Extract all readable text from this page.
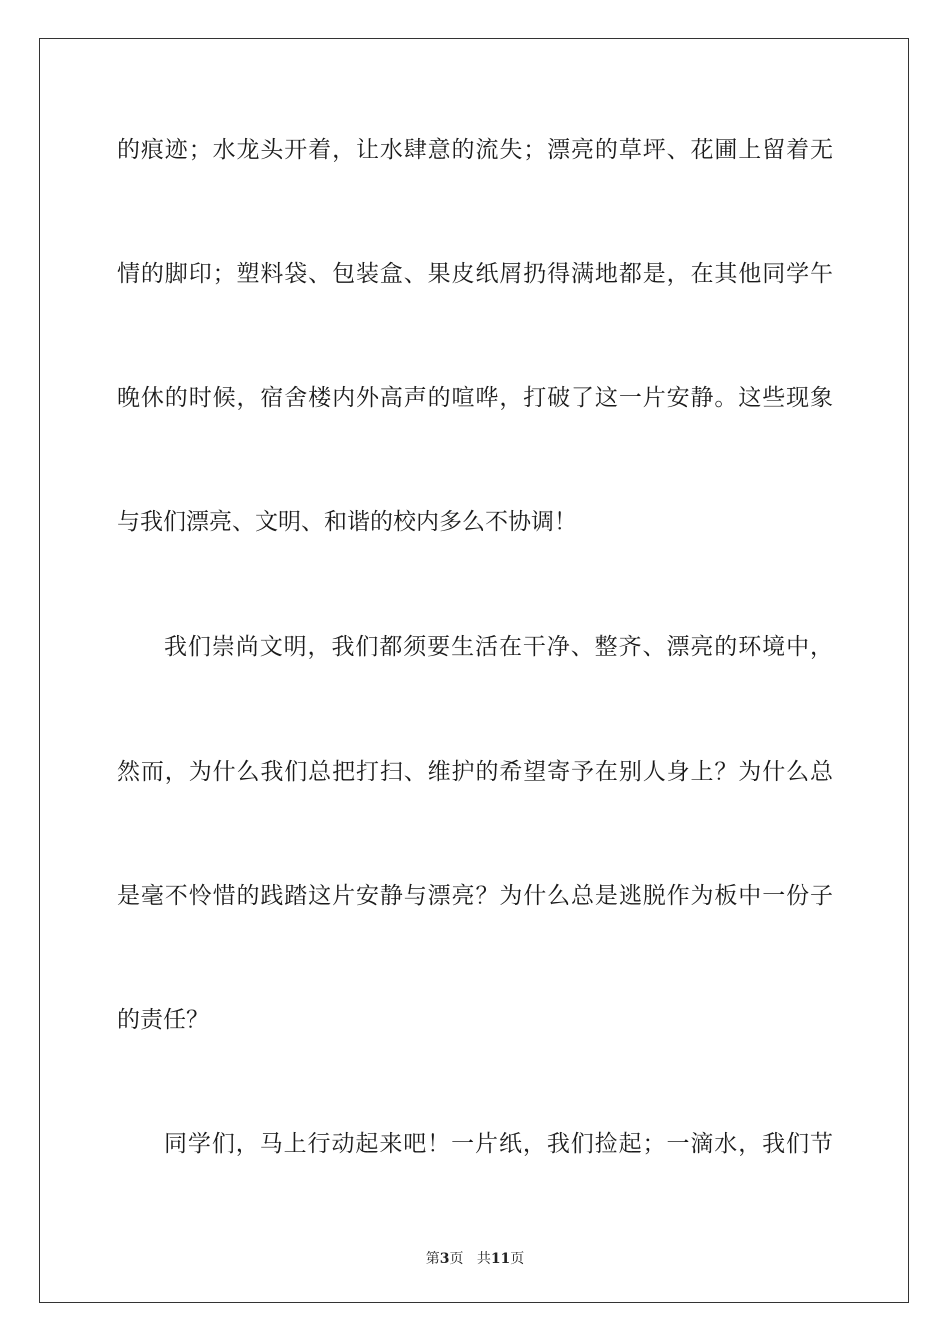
的痕迹；水龙头开着，让水肆意的流失；漂亮的草坪、花圃上留着无
情的脚印；塑料袋、包装盒、果皮纸屑扔得满地都是，在其他同学午
晚休的时候，宿舍楼内外高声的喧哗，打破了这一片安静。这些现象
与我们漂亮、文明、和谐的校内多么不协调！
我们崇尚文明，我们都须要生活在干净、整齐、漂亮的环境中，
然而，为什么我们总把打扫、维护的希望寄予在别人身上？为什么总
是毫不怜惜的践踏这片安静与漂亮？为什么总是逃脱作为板中一份子
的责任？
同学们，马上行动起来吧！一片纸，我们捡起；一滴水，我们节
第3页 共11页
